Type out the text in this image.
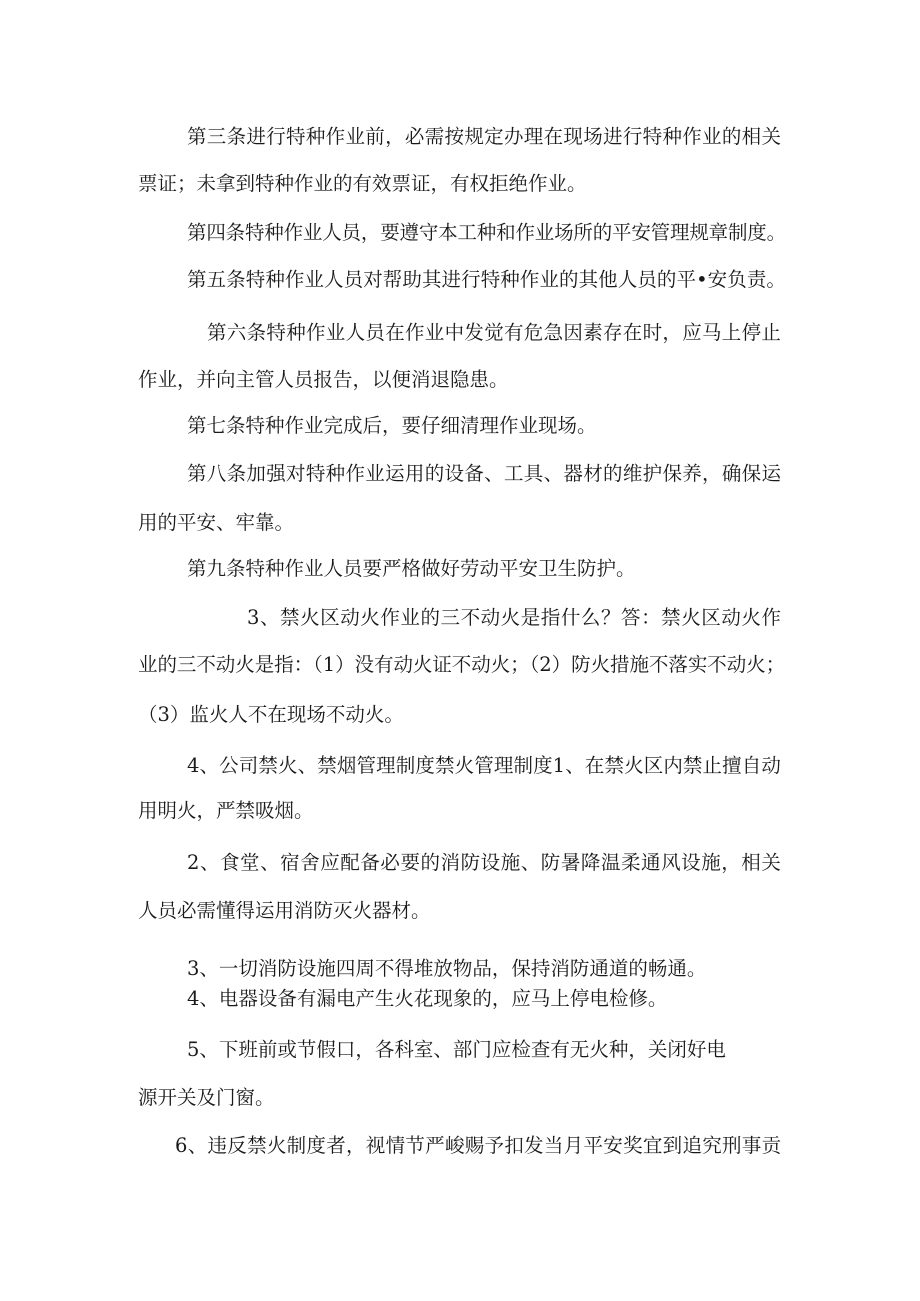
第三条进行特种作业前，必需按规定办理在现场进行特种作业的相关
票证；未拿到特种作业的有效票证，有权拒绝作业。
第四条特种作业人员，要遵守本工种和作业场所的平安管理规章制度。
第五条特种作业人员对帮助其进行特种作业的其他人员的平•安负责。
第六条特种作业人员在作业中发觉有危急因素存在时，应马上停止
作业，并向主管人员报告，以便消退隐患。
第七条特种作业完成后，要仔细清理作业现场。
第八条加强对特种作业运用的设备、工具、器材的维护保养，确保运
用的平安、牢靠。
第九条特种作业人员要严格做好劳动平安卫生防护。
3、禁火区动火作业的三不动火是指什么？答：禁火区动火作
业的三不动火是指：（1）没有动火证不动火；（2）防火措施不落实不动火；
（3）监火人不在现场不动火。
4、公司禁火、禁烟管理制度禁火管理制度1、在禁火区内禁止擅自动
用明火，严禁吸烟。
2、食堂、宿舍应配备必要的消防设施、防暑降温柔通风设施，相关
人员必需懂得运用消防灭火器材。
3、一切消防设施四周不得堆放物品，保持消防通道的畅通。
4、电器设备有漏电产生火花现象的，应马上停电检修。
5、下班前或节假口，各科室、部门应检查有无火种，关闭好电
源开关及门窗。
6、违反禁火制度者，视情节严峻赐予扣发当月平安奖宜到追究刑事贡
